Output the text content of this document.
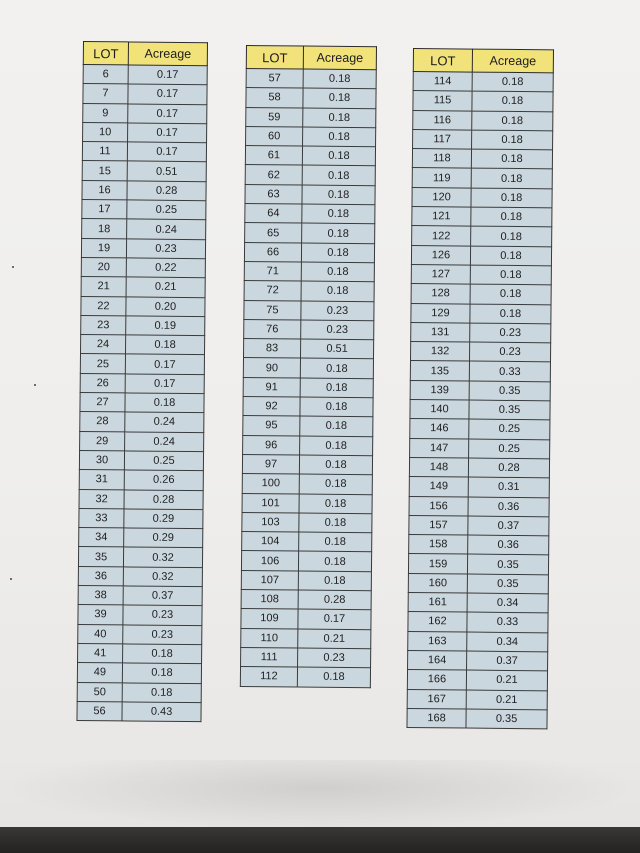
LOT	Acreage
6	0.17
7	0.17
9	0.17
10	0.17
11	0.17
15	0.51
16	0.28
17	0.25
18	0.24
19	0.23
20	0.22
21	0.21
22	0.20
23	0.19
24	0.18
25	0.17
26	0.17
27	0.18
28	0.24
29	0.24
30	0.25
31	0.26
32	0.28
33	0.29
34	0.29
35	0.32
36	0.32
38	0.37
39	0.23
40	0.23
41	0.18
49	0.18
50	0.18
56	0.43
LOT	Acreage
57	0.18
58	0.18
59	0.18
60	0.18
61	0.18
62	0.18
63	0.18
64	0.18
65	0.18
66	0.18
71	0.18
72	0.18
75	0.23
76	0.23
83	0.51
90	0.18
91	0.18
92	0.18
95	0.18
96	0.18
97	0.18
100	0.18
101	0.18
103	0.18
104	0.18
106	0.18
107	0.18
108	0.28
109	0.17
110	0.21
111	0.23
112	0.18
LOT	Acreage
114	0.18
115	0.18
116	0.18
117	0.18
118	0.18
119	0.18
120	0.18
121	0.18
122	0.18
126	0.18
127	0.18
128	0.18
129	0.18
131	0.23
132	0.23
135	0.33
139	0.35
140	0.35
146	0.25
147	0.25
148	0.28
149	0.31
156	0.36
157	0.37
158	0.36
159	0.35
160	0.35
161	0.34
162	0.33
163	0.34
164	0.37
166	0.21
167	0.21
168	0.35
